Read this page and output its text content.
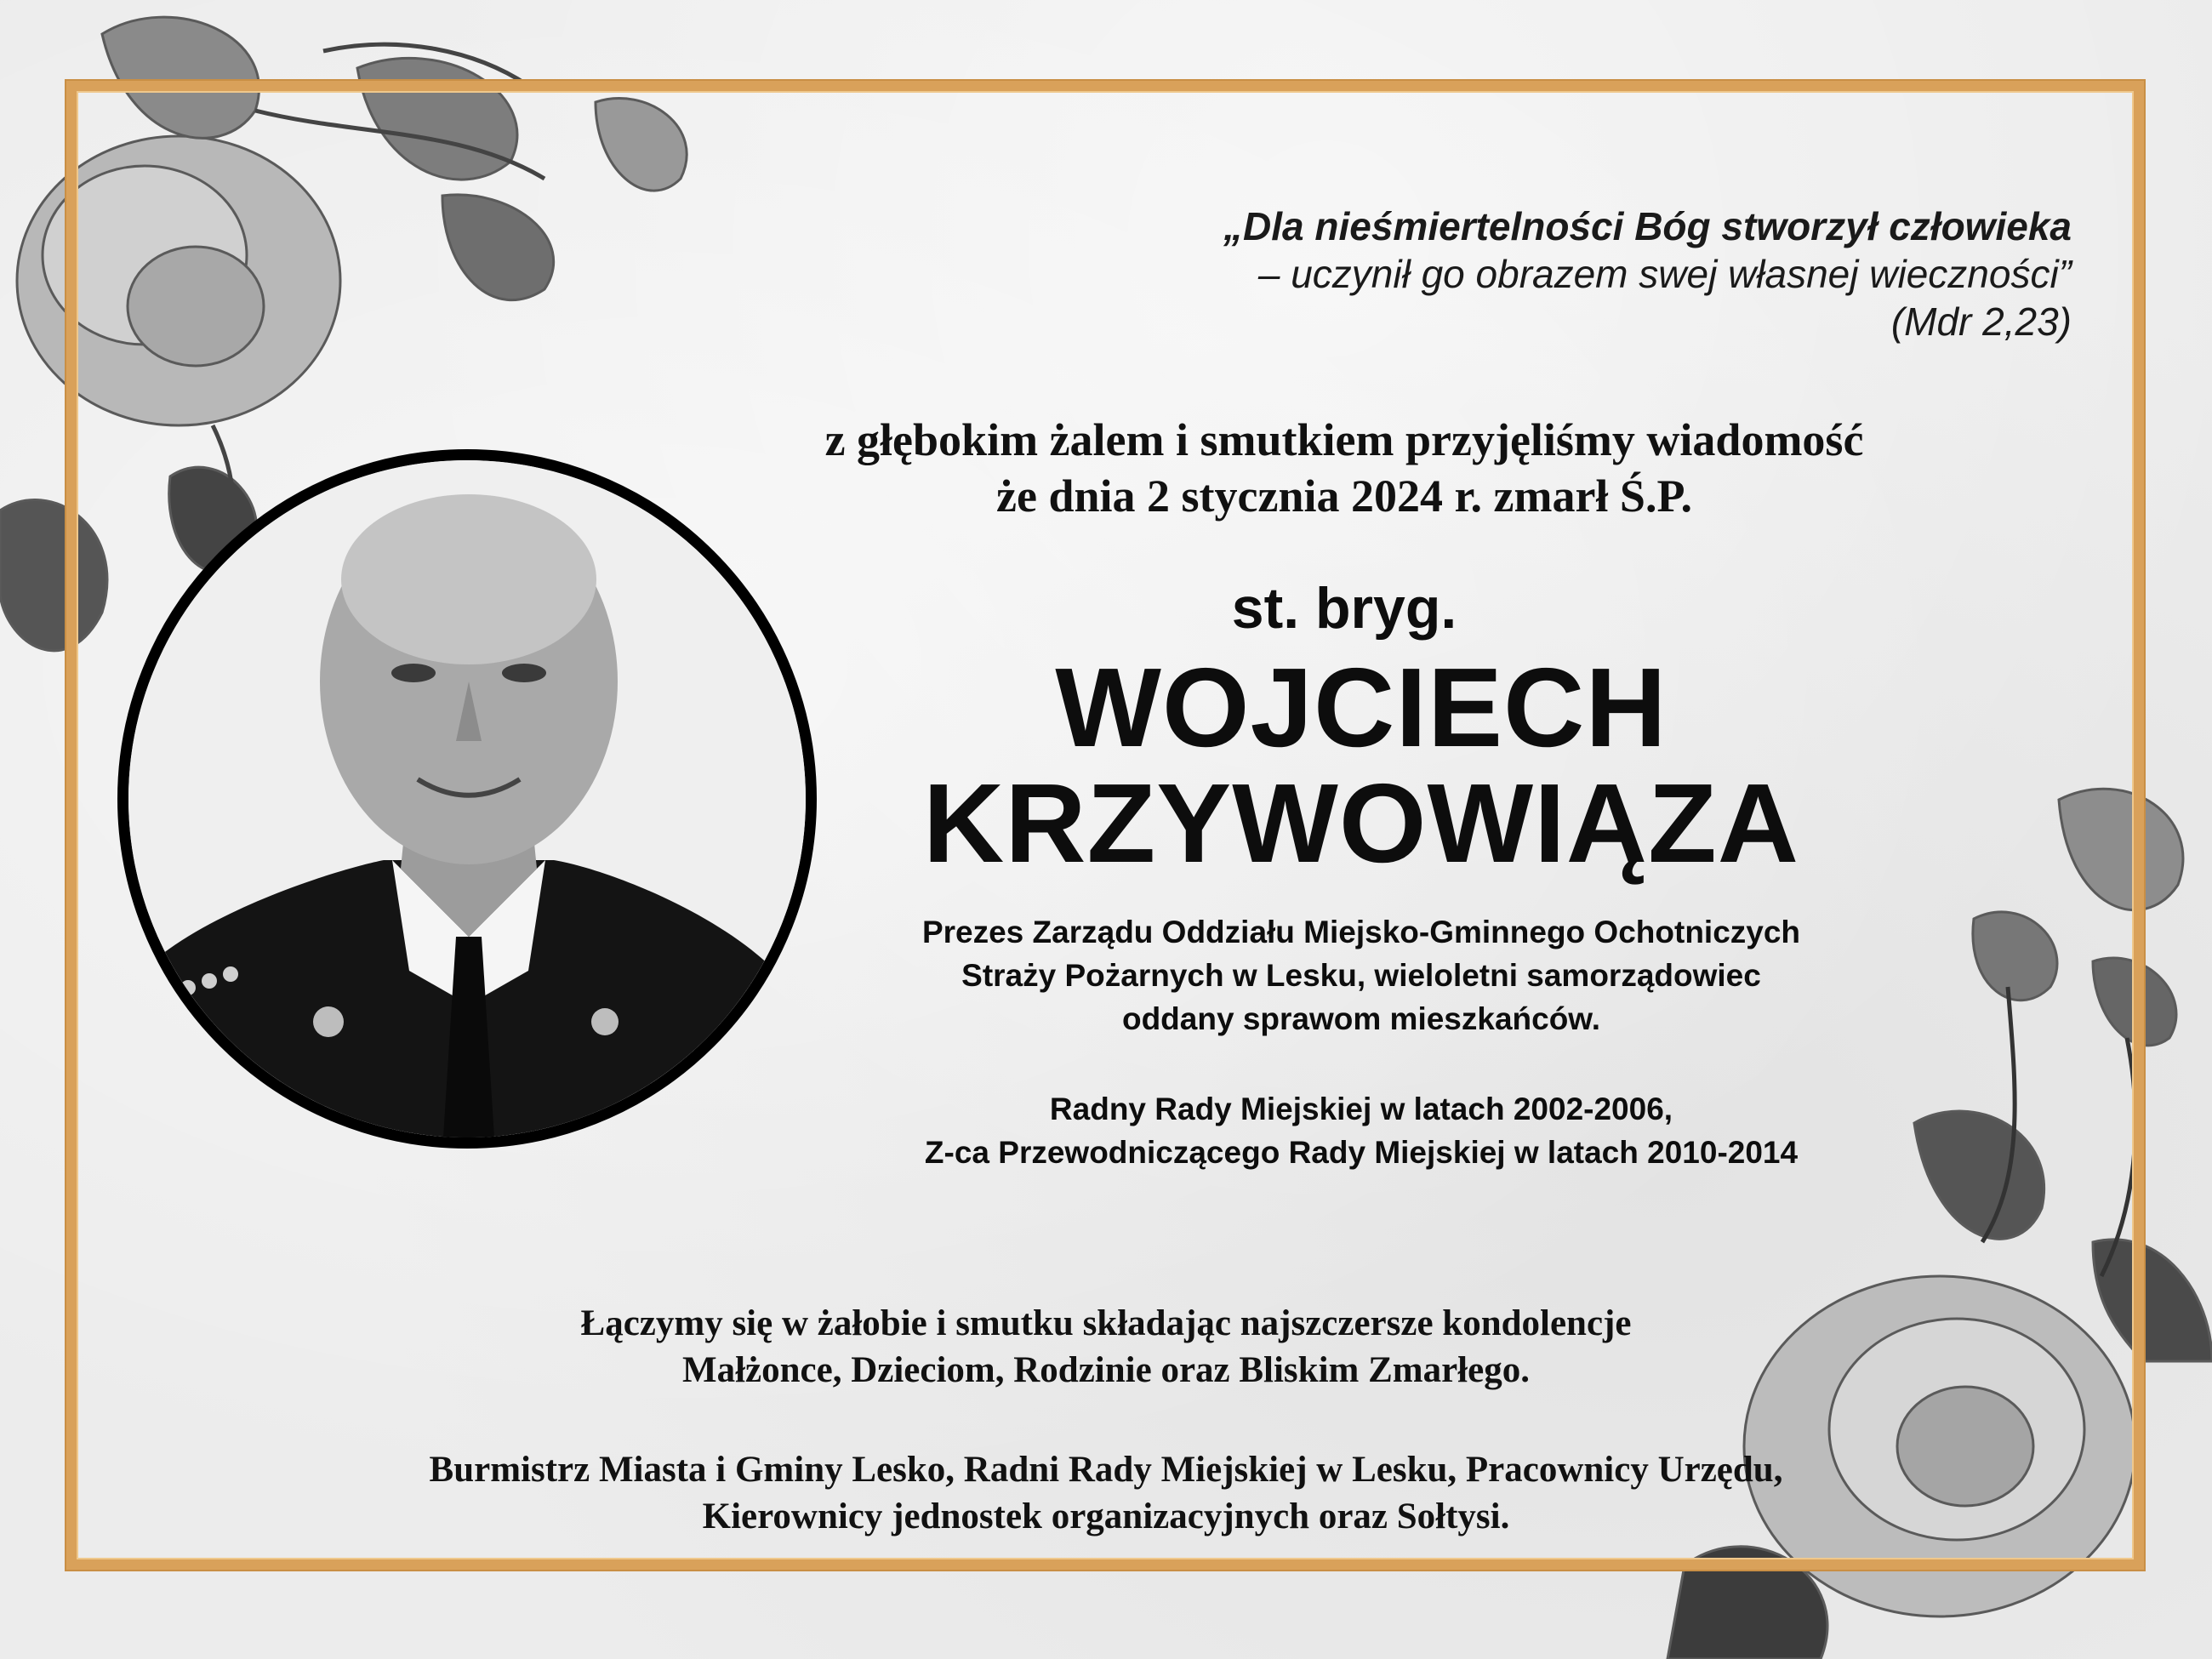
„Dla nieśmiertelności Bóg stworzył człowieka
– uczynił go obrazem swej własnej wieczności”
(Mdr 2,23)
z głębokim żalem i smutkiem przyjęliśmy wiadomość
że dnia 2 stycznia 2024 r. zmarł Ś.P.
st. bryg.
WOJCIECH
KRZYWOWIĄZA
Prezes Zarządu Oddziału Miejsko-Gminnego Ochotniczych
Straży Pożarnych w Lesku, wieloletni samorządowiec
oddany sprawom mieszkańców.
Radny Rady Miejskiej w latach 2002-2006,
Z-ca Przewodniczącego Rady Miejskiej w latach 2010-2014
Łączymy się w żałobie i smutku składając najszczersze kondolencje
Małżonce, Dzieciom, Rodzinie oraz Bliskim Zmarłego.
Burmistrz Miasta i Gminy Lesko, Radni Rady Miejskiej w Lesku, Pracownicy Urzędu,
Kierownicy jednostek organizacyjnych oraz Sołtysi.
